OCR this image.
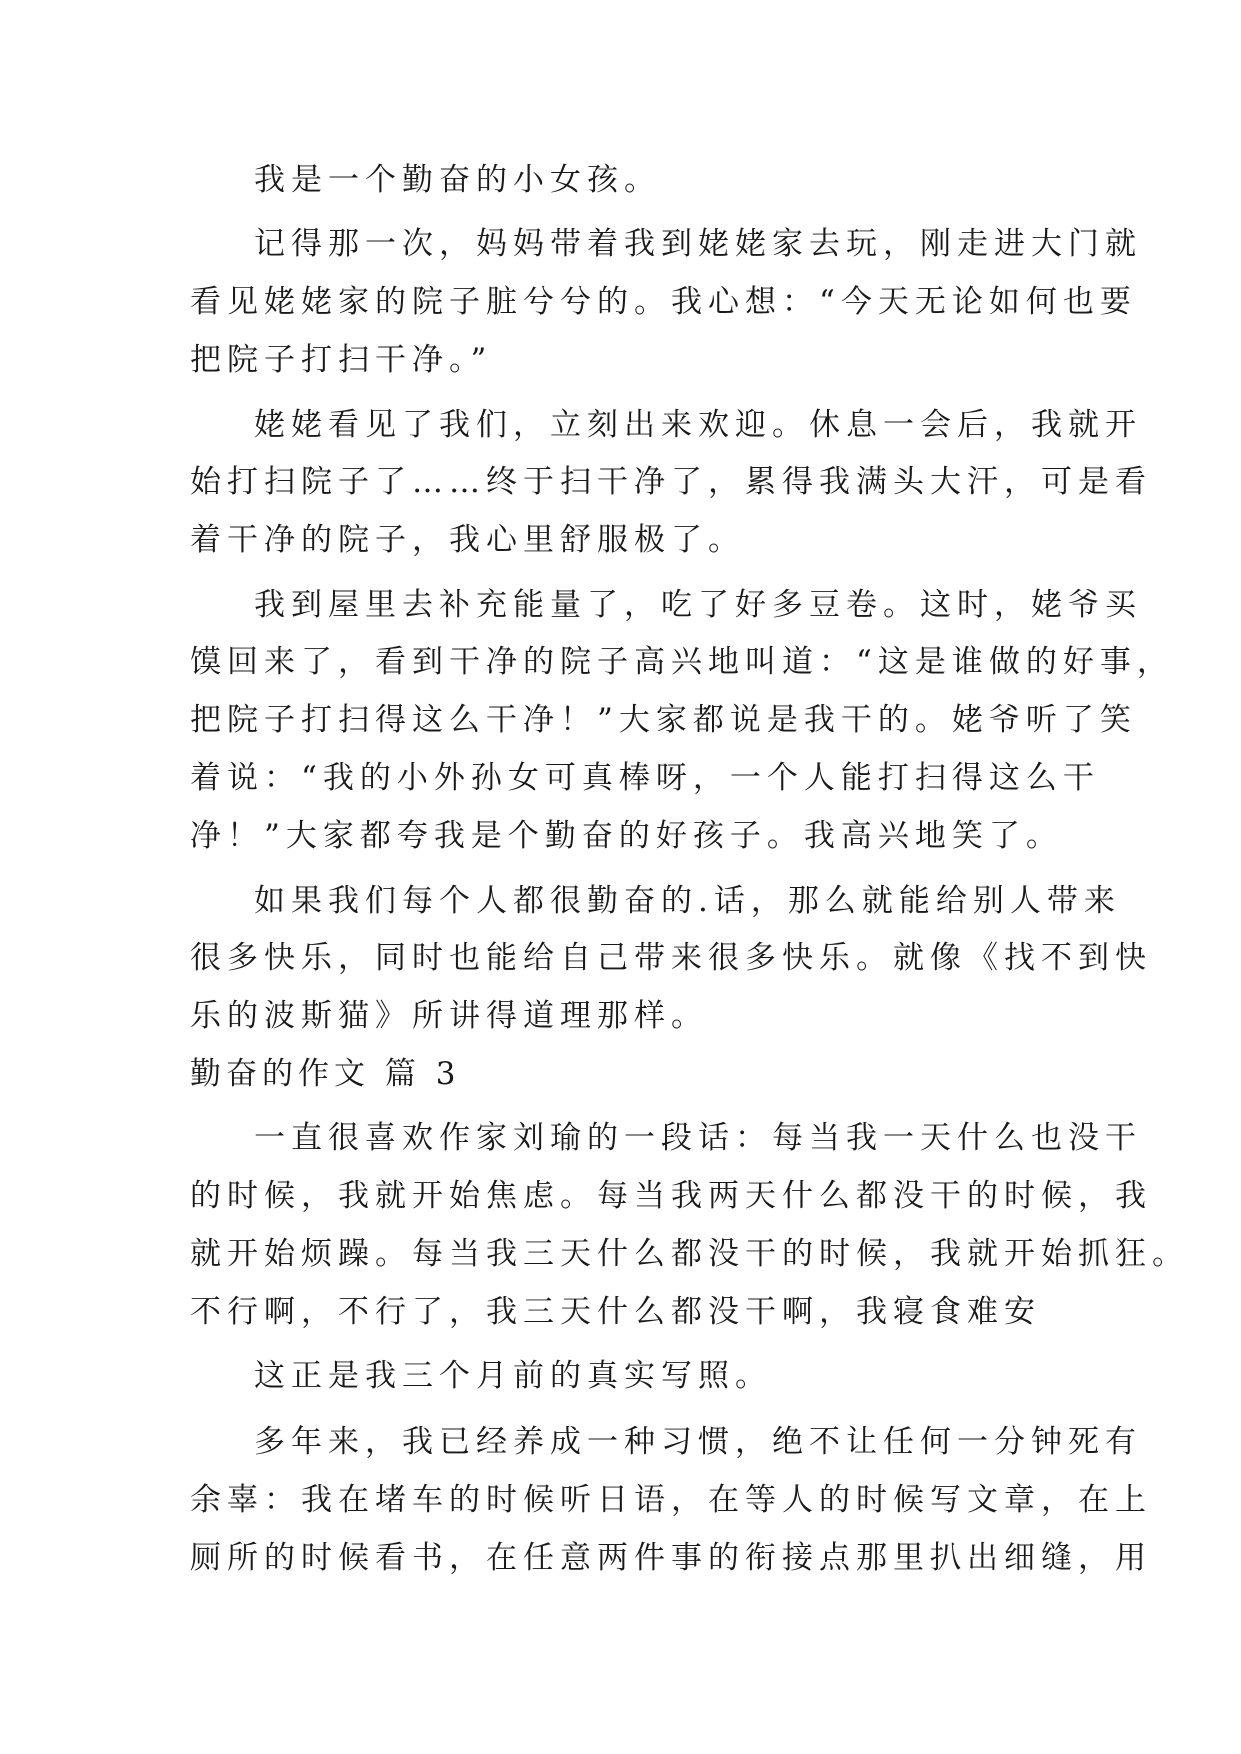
我是一个勤奋的小女孩。
记得那一次，妈妈带着我到姥姥家去玩，刚走进大门就
看见姥姥家的院子脏兮兮的。我心想：“今天无论如何也要
把院子打扫干净。”
姥姥看见了我们，立刻出来欢迎。休息一会后，我就开
始打扫院子了……终于扫干净了，累得我满头大汗，可是看
着干净的院子，我心里舒服极了。
我到屋里去补充能量了，吃了好多豆卷。这时，姥爷买
馍回来了，看到干净的院子高兴地叫道：“这是谁做的好事，
把院子打扫得这么干净！”大家都说是我干的。姥爷听了笑
着说：“我的小外孙女可真棒呀，一个人能打扫得这么干
净！”大家都夸我是个勤奋的好孩子。我高兴地笑了。
如果我们每个人都很勤奋的.话，那么就能给别人带来
很多快乐，同时也能给自己带来很多快乐。就像《找不到快
乐的波斯猫》所讲得道理那样。
勤奋的作文 篇 3
一直很喜欢作家刘瑜的一段话：每当我一天什么也没干
的时候，我就开始焦虑。每当我两天什么都没干的时候，我
就开始烦躁。每当我三天什么都没干的时候，我就开始抓狂。
不行啊，不行了，我三天什么都没干啊，我寝食难安
这正是我三个月前的真实写照。
多年来，我已经养成一种习惯，绝不让任何一分钟死有
余辜：我在堵车的时候听日语，在等人的时候写文章，在上
厕所的时候看书，在任意两件事的衔接点那里扒出细缝，用
